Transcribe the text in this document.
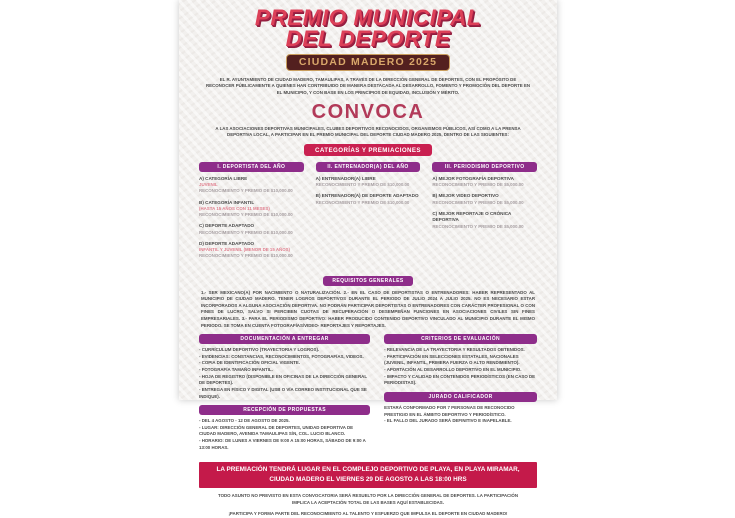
PREMIO MUNICIPAL
DEL DEPORTE
CIUDAD MADERO 2025

EL R. AYUNTAMIENTO DE CIUDAD MADERO, TAMAULIPAS, A TRAVÉS DE LA DIRECCIÓN GENERAL DE DEPORTES, CON EL PROPÓSITO DE RECONOCER PÚBLICAMENTE A QUIENES HAN CONTRIBUIDO DE MANERA DESTACADA AL DESARROLLO, FOMENTO Y PROMOCIÓN DEL DEPORTE EN EL MUNICIPIO, Y CON BASE EN LOS PRINCIPIOS DE EQUIDAD, INCLUSIÓN Y MÉRITO.

CONVOCA

A LAS ASOCIACIONES DEPORTIVAS MUNICIPALES, CLUBES DEPORTIVOS RECONOCIDOS, ORGANISMOS PÚBLICOS, ASÍ COMO A LA PRENSA DEPORTIVA LOCAL, A PARTICIPAR EN EL PREMIO MUNICIPAL DEL DEPORTE CIUDAD MADERO 2025, DENTRO DE LAS SIGUIENTES:

CATEGORÍAS Y PREMIACIONES
I. DEPORTISTA DEL AÑO
A) CATEGORÍA LIBRE
JUVENIL
RECONOCIMIENTO Y PREMIO DE $10,000.00
B) CATEGORÍA INFANTIL
(HASTA 15 AÑOS CON 11 MESES)
RECONOCIMIENTO Y PREMIO DE $10,000.00
C) DEPORTE ADAPTADO
RECONOCIMIENTO Y PREMIO DE $10,000.00
D) DEPORTE ADAPTADO
INFANTIL Y JUVENIL (MENOR DE 15 AÑOS)
RECONOCIMIENTO Y PREMIO DE $10,000.00
II. ENTRENADOR(A) DEL AÑO
A) ENTRENADOR(A) LIBRE
RECONOCIMIENTO Y PREMIO DE $10,000.00
B) ENTRENADOR(A) DE DEPORTE ADAPTADO
RECONOCIMIENTO Y PREMIO DE $10,000.00
III. PERIODISMO DEPORTIVO
A) MEJOR FOTOGRAFÍA DEPORTIVA
RECONOCIMIENTO Y PREMIO DE $5,000.00
B) MEJOR VIDEO DEPORTIVO
RECONOCIMIENTO Y PREMIO DE $5,000.00
C) MEJOR REPORTAJE O CRÓNICA DEPORTIVA
RECONOCIMIENTO Y PREMIO DE $5,000.00
REQUISITOS GENERALES

1.- SER MEXICANO(A) POR NACIMIENTO O NATURALIZACIÓN. 2.- EN EL CASO DE DEPORTISTAS O ENTRENADORES: HABER REPRESENTADO AL MUNICIPIO DE CIUDAD MADERO. TENER LOGROS DEPORTIVOS DURANTE EL PERIODO DE JULIO 2024 A JULIO 2025. NO ES NECESARIO ESTAR INCORPORADOS A ALGUNA ASOCIACIÓN DEPORTIVA. NO PODRÁN PARTICIPAR DEPORTISTAS O ENTRENADORES CON CARÁCTER PROFESIONAL O CON FINES DE LUCRO, SALVO SI PERCIBEN CUOTAS DE RECUPERACIÓN O DESEMPEÑAN FUNCIONES EN ASOCIACIONES CIVILES SIN FINES EMPRESARIALES. 3.- PARA EL PERIODISMO DEPORTIVO: HABER PRODUCIDO CONTENIDO DEPORTIVO VINCULADO AL MUNICIPIO DURANTE EL MISMO PERIODO. SE TOMA EN CUENTA FOTOGRAFÍAS/VIDEO- REPORTAJES Y REPORTAJES.

DOCUMENTACIÓN A ENTREGAR
- CURRÍCULUM DEPORTIVO (TRAYECTORIA Y LOGROS).
- EVIDENCIAS: CONSTANCIAS, RECONOCIMIENTOS, FOTOGRAFÍAS, VIDEOS.
- COPIA DE IDENTIFICACIÓN OFICIAL VIGENTE.
- FOTOGRAFÍA TAMAÑO INFANTIL.
- HOJA DE REGISTRO (DISPONIBLE EN OFICINAS DE LA DIRECCIÓN GENERAL DE DEPORTES).
- ENTREGA EN FÍSICO Y DIGITAL (USB O VÍA CORREO INSTITUCIONAL QUE SE INDIQUE).
RECEPCIÓN DE PROPUESTAS
- DEL 4 AGOSTO - 12 DE AGOSTO DE 2025.
- LUGAR: DIRECCIÓN GENERAL DE DEPORTES, UNIDAD DEPORTIVA DE CIUDAD MADERO, AVENIDA TAMAULIPAS S/N, COL. LUCIO BLANCO.
- HORARIO: DE LUNES A VIERNES DE 9:00 A 15:00 HORAS, SÁBADO DE 9:00 A 13:00 HORAS.
CRITERIOS DE EVALUACIÓN
- RELEVANCIA DE LA TRAYECTORIA Y RESULTADOS OBTENIDOS.
- PARTICIPACIÓN EN SELECCIONES ESTATALES, NACIONALES (JUVENIL, INFANTIL, PRIMERA FUERZA O ALTO RENDIMIENTO).
- APORTACIÓN AL DESARROLLO DEPORTIVO EN EL MUNICIPIO.
- IMPACTO Y CALIDAD EN CONTENIDOS PERIODÍSTICOS (EN CASO DE PERIODISTAS).
JURADO CALIFICADOR
ESTARÁ CONFORMADO POR 7 PERSONAS DE RECONOCIDO PRESTIGIO EN EL ÁMBITO DEPORTIVO Y PERIODÍSTICO.
- EL FALLO DEL JURADO SERÁ DEFINITIVO E INAPELABLE.
LA PREMIACIÓN TENDRÁ LUGAR EN EL COMPLEJO DEPORTIVO DE PLAYA, EN PLAYA MIRAMAR, CIUDAD MADERO EL VIERNES 29 DE AGOSTO A LAS 18:00 HRS

TODO ASUNTO NO PREVISTO EN ESTA CONVOCATORIA SERÁ RESUELTO POR LA DIRECCIÓN GENERAL DE DEPORTES. LA PARTICIPACIÓN IMPLICA LA ACEPTACIÓN TOTAL DE LAS BASES AQUÍ ESTABLECIDAS.

¡PARTICIPA Y FORMA PARTE DEL RECONOCIMIENTO AL TALENTO Y ESFUERZO QUE IMPULSA EL DEPORTE EN CIUDAD MADERO!
